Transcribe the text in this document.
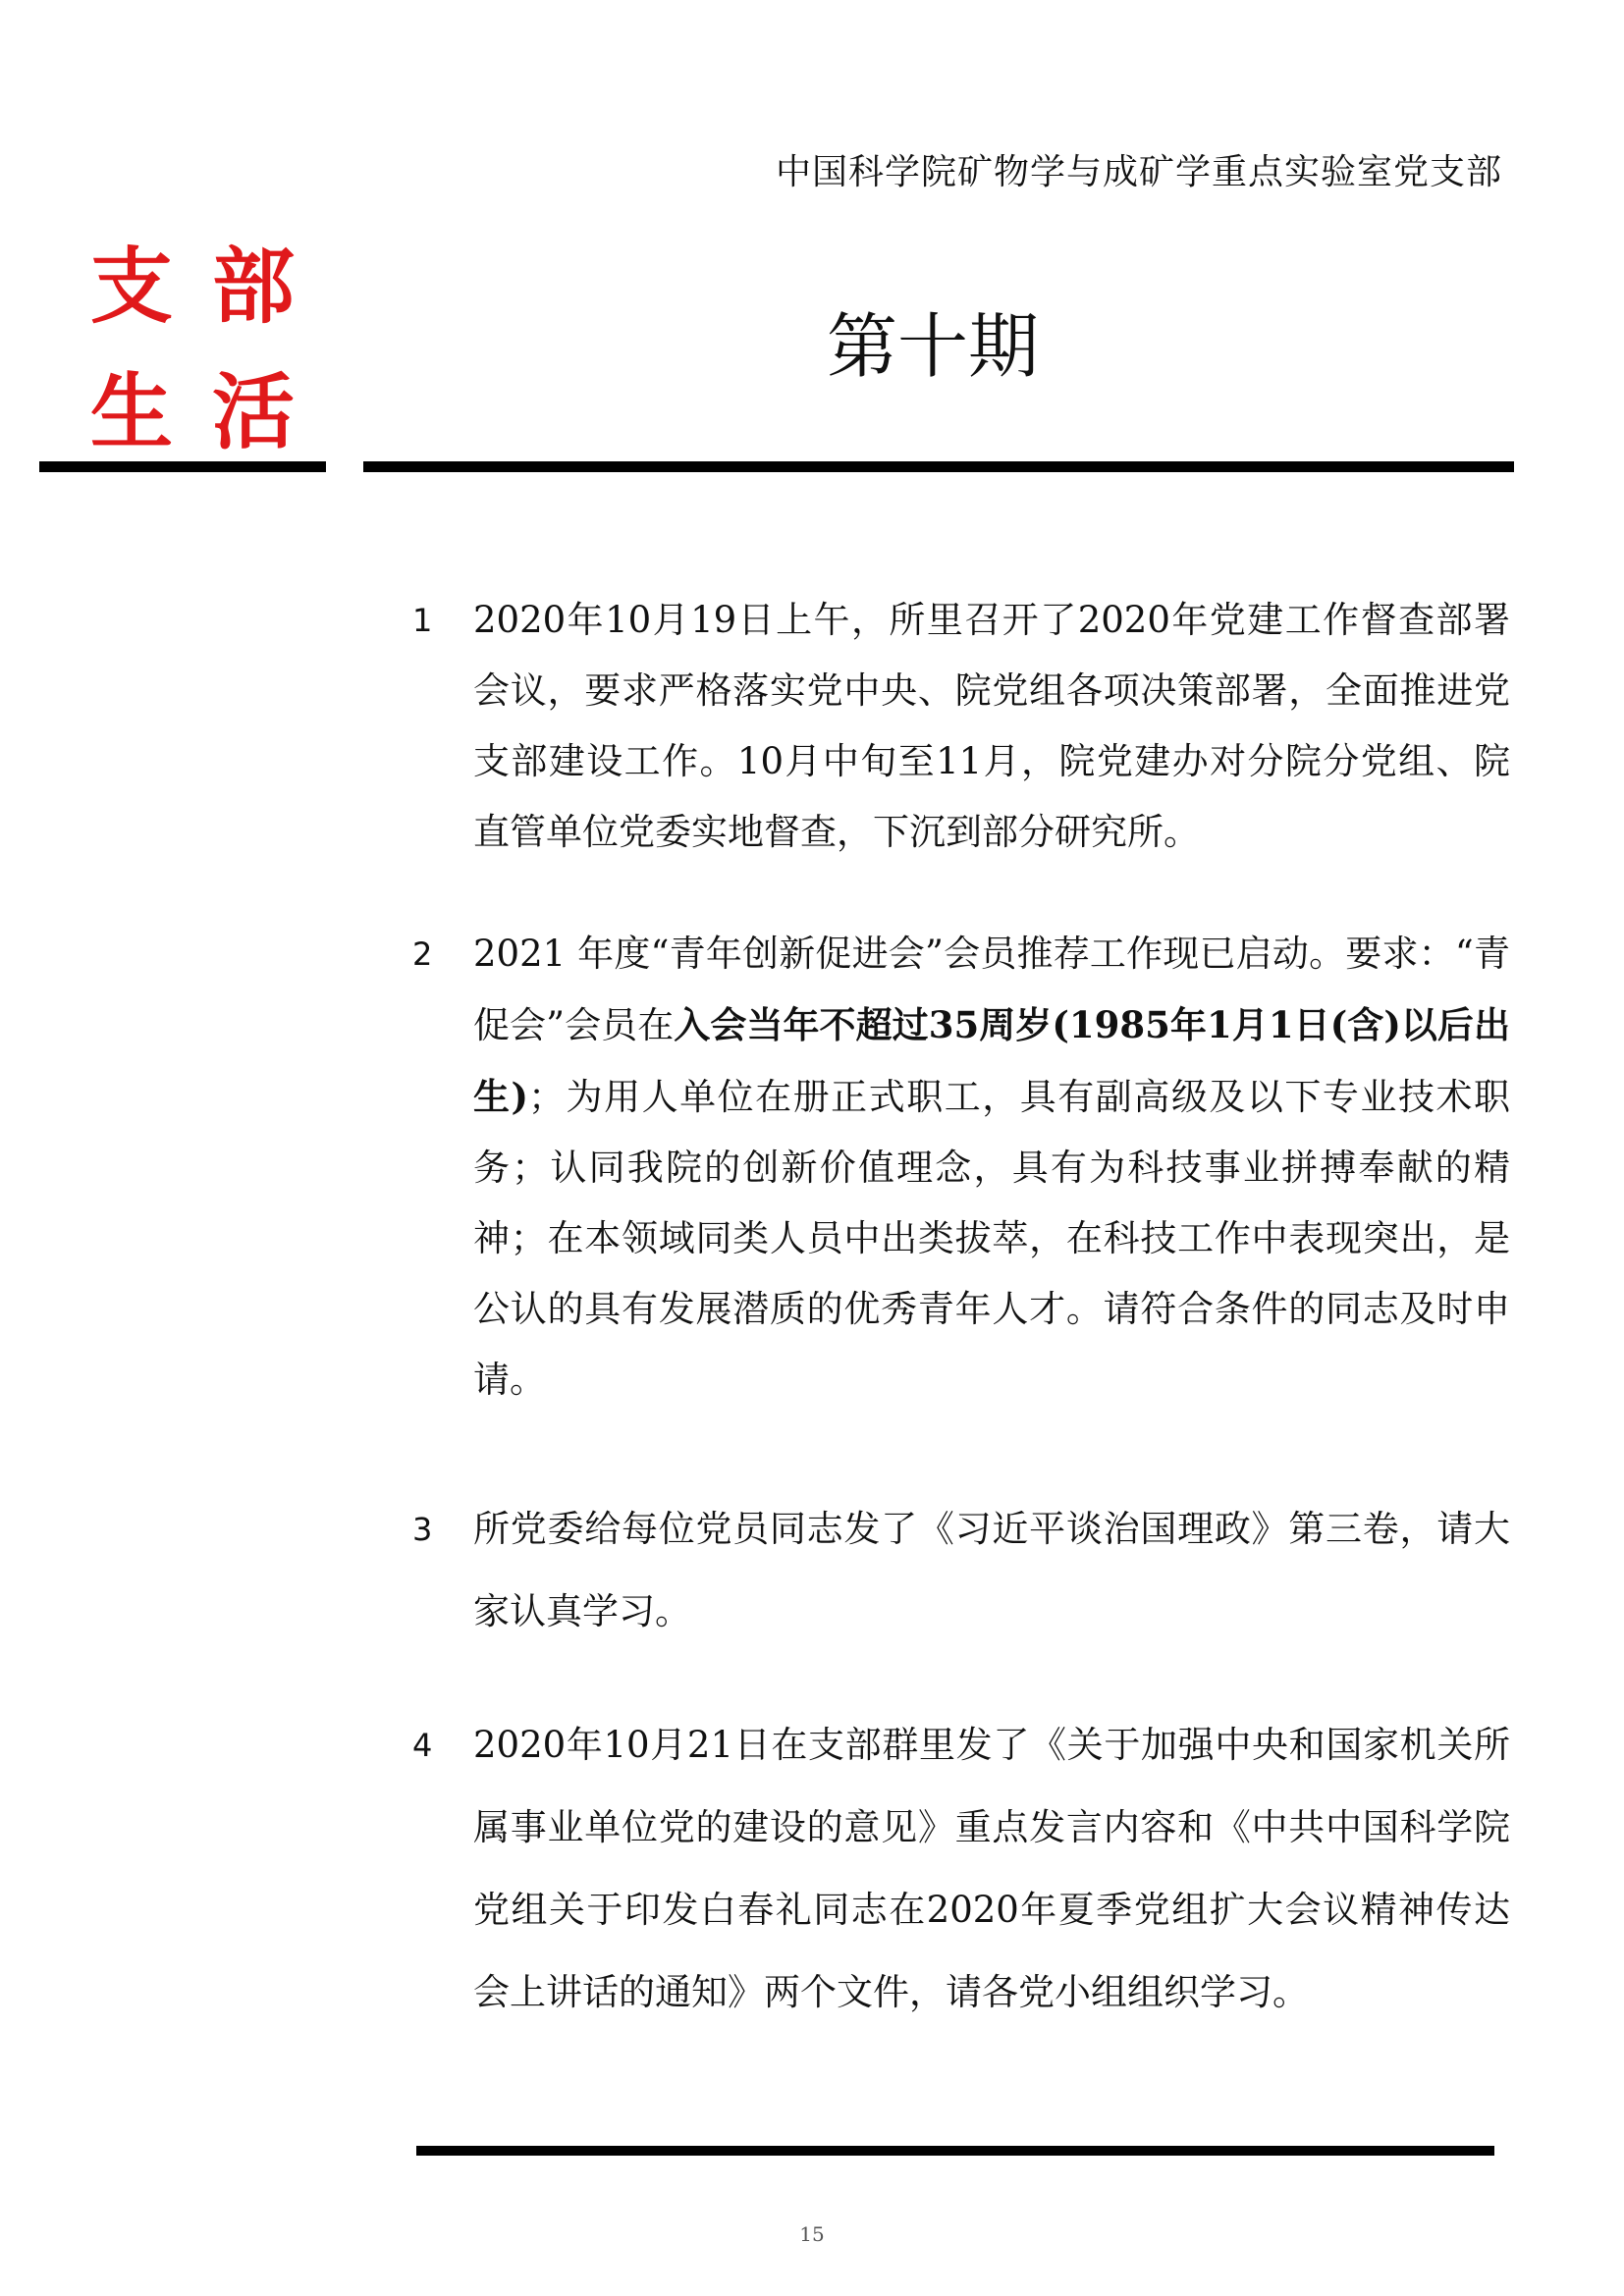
中国科学院矿物学与成矿学重点实验室党支部
支部
生活
第十期
1	2020年10月19日上午，所里召开了2020年党建工作督查部署会议，要求严格落实党中央、院党组各项决策部署，全面推进党支部建设工作。10月中旬至11月，院党建办对分院分党组、院直管单位党委实地督查，下沉到部分研究所。
2	2021 年度“青年创新促进会”会员推荐工作现已启动。要求：“青促会”会员在入会当年不超过35周岁(1985年1月1日(含)以后出生)；为用人单位在册正式职工，具有副高级及以下专业技术职务；认同我院的创新价值理念，具有为科技事业拼搏奉献的精神；在本领域同类人员中出类拔萃，在科技工作中表现突出，是公认的具有发展潜质的优秀青年人才。请符合条件的同志及时申请。
3	所党委给每位党员同志发了《习近平谈治国理政》第三卷，请大家认真学习。
4	2020年10月21日在支部群里发了《关于加强中央和国家机关所属事业单位党的建设的意见》重点发言内容和《中共中国科学院党组关于印发白春礼同志在2020年夏季党组扩大会议精神传达会上讲话的通知》两个文件，请各党小组组织学习。
15
